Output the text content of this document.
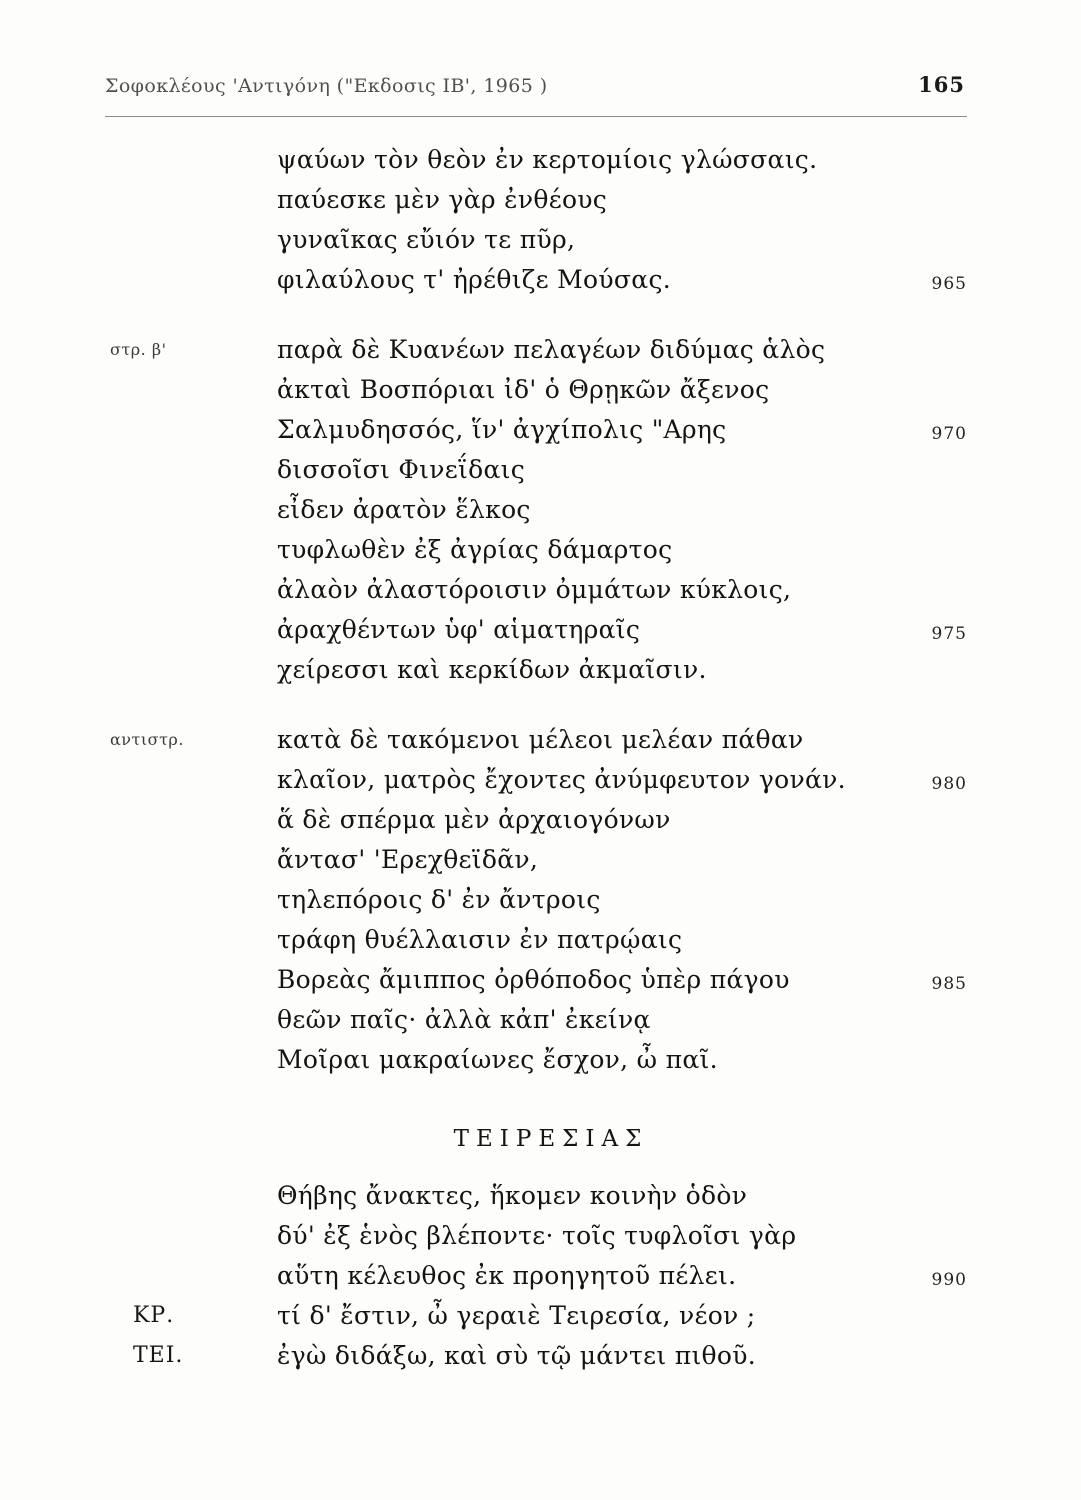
Σοφοκλέους 'Αντιγόνη ("Εκδοσις IB', 1965 )	165
ψαύων τὸν θεὸν ἐν κερτομίοις γλώσσαις.
παύεσκε μὲν γὰρ ἐνθέους
γυναῖκας εὔιόν τε πῦρ,
φιλαύλους τ' ἠρέθιζε Μούσας.	965
στρ. β'	παρὰ δὲ Κυανέων πελαγέων διδύμας ἁλὸς
ἀκταὶ Βοσπόριαι ἰδ' ὁ Θρῃκῶν ἄξενος
Σαλμυδησσός, ἵν' ἀγχίπολις "Αρης	970
δισσοῖσι Φινεΐδαις
εἶδεν ἀρατὸν ἕλκος
τυφλωθὲν ἐξ ἀγρίας δάμαρτος
ἀλαὸν ἀλαστόροισιν ὀμμάτων κύκλοις,
ἀραχθέντων ὑφ' αἱματηραῖς	975
χείρεσσι καὶ κερκίδων ἀκμαῖσιν.
αντιστρ.	κατὰ δὲ τακόμενοι μέλεοι μελέαν πάθαν
κλαῖον, ματρὸς ἔχοντες ἀνύμφευτον γονάν.	980
ἅ δὲ σπέρμα μὲν ἀρχαιογόνων
ἄντασ' 'Ερεχθεϊδᾶν,
τηλεπόροις δ' ἐν ἄντροις
τράφη θυέλλαισιν ἐν πατρῴαις
Βορεὰς ἄμιππος ὀρθόποδος ὑπὲρ πάγου	985
θεῶν παῖς· ἀλλὰ κἀπ' ἐκείνᾳ
Μοῖραι μακραίωνες ἔσχον, ὦ παῖ.
ΤΕΙΡΕΣΙΑΣ
Θήβης ἄνακτες, ἥκομεν κοινὴν ὁδὸν
δύ' ἐξ ἑνὸς βλέποντε· τοῖς τυφλοῖσι γὰρ
αὕτη κέλευθος ἐκ προηγητοῦ πέλει.	990
ΚΡ.	τί δ' ἔστιν, ὦ γεραιὲ Τειρεσία, νέον ;
ΤΕΙ.	ἐγὼ διδάξω, καὶ σὺ τῷ μάντει πιθοῦ.
